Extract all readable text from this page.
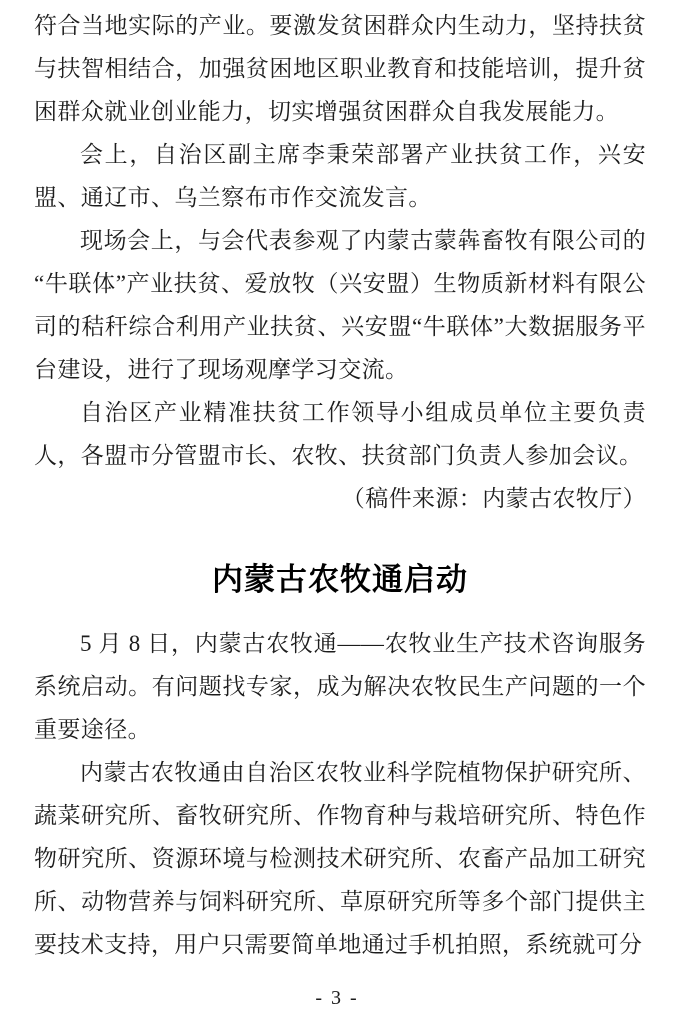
符合当地实际的产业。要激发贫困群众内生动力，坚持扶贫与扶智相结合，加强贫困地区职业教育和技能培训，提升贫困群众就业创业能力，切实增强贫困群众自我发展能力。

会上，自治区副主席李秉荣部署产业扶贫工作，兴安盟、通辽市、乌兰察布市作交流发言。

现场会上，与会代表参观了内蒙古蒙犇畜牧有限公司的“牛联体”产业扶贫、爱放牧（兴安盟）生物质新材料有限公司的秸秆综合利用产业扶贫、兴安盟“牛联体”大数据服务平台建设，进行了现场观摩学习交流。

自治区产业精准扶贫工作领导小组成员单位主要负责人，各盟市分管盟市长、农牧、扶贫部门负责人参加会议。

（稿件来源：内蒙古农牧厅）

内蒙古农牧通启动

5 月 8 日，内蒙古农牧通——农牧业生产技术咨询服务系统启动。有问题找专家，成为解决农牧民生产问题的一个重要途径。

内蒙古农牧通由自治区农牧业科学院植物保护研究所、蔬菜研究所、畜牧研究所、作物育种与栽培研究所、特色作物研究所、资源环境与检测技术研究所、农畜产品加工研究所、动物营养与饲料研究所、草原研究所等多个部门提供主要技术支持，用户只需要简单地通过手机拍照，系统就可分

- 3 -
